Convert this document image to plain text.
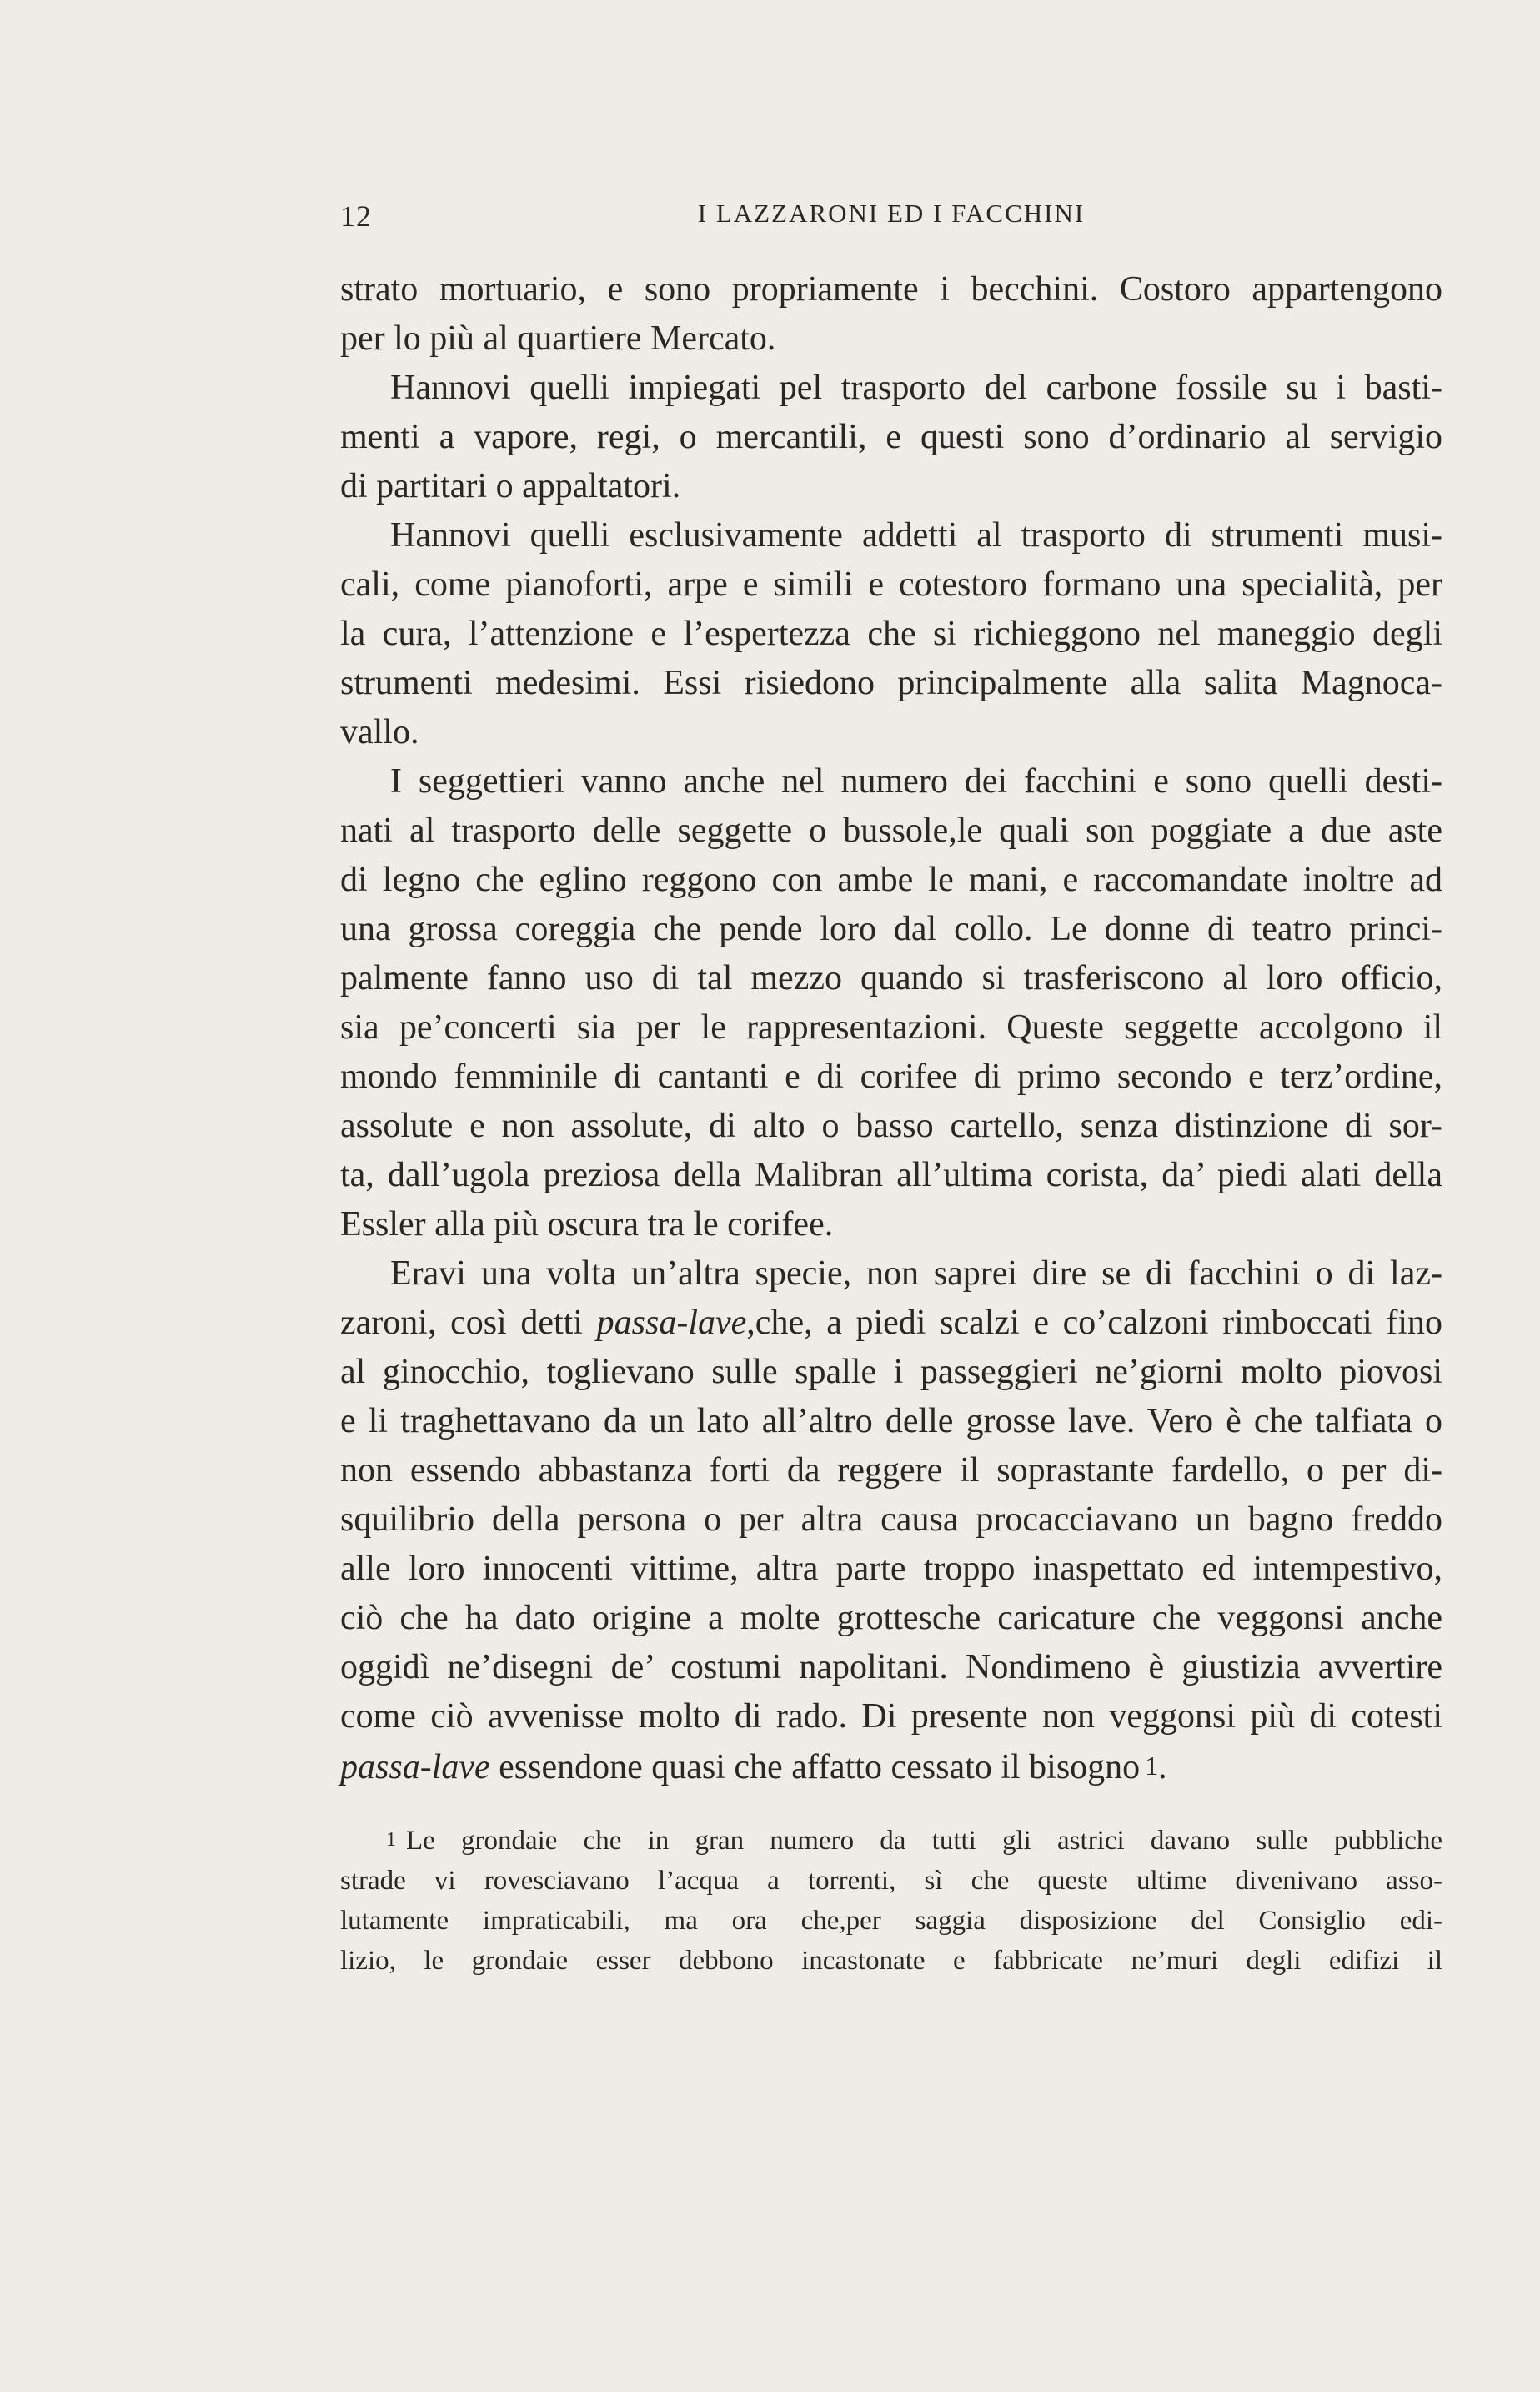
12	I LAZZARONI ED I FACCHINI

strato mortuario, e sono propriamente i becchini. Costoro appartengono
per lo più al quartiere Mercato.

Hannovi quelli impiegati pel trasporto del carbone fossile su i basti-
menti a vapore, regi, o mercantili, e questi sono d’ordinario al servigio
di partitari o appaltatori.

Hannovi quelli esclusivamente addetti al trasporto di strumenti musi-
cali, come pianoforti, arpe e simili e cotestoro formano una specialità, per
la cura, l’attenzione e l’espertezza che si richieggono nel maneggio degli
strumenti medesimi. Essi risiedono principalmente alla salita Magnoca-
vallo.

I seggettieri vanno anche nel numero dei facchini e sono quelli desti-
nati al trasporto delle seggette o bussole,le quali son poggiate a due aste
di legno che eglino reggono con ambe le mani, e raccomandate inoltre ad
una grossa coreggia che pende loro dal collo. Le donne di teatro princi-
palmente fanno uso di tal mezzo quando si trasferiscono al loro officio,
sia pe’concerti sia per le rappresentazioni. Queste seggette accolgono il
mondo femminile di cantanti e di corifee di primo secondo e terz’ordine,
assolute e non assolute, di alto o basso cartello, senza distinzione di sor-
ta, dall’ugola preziosa della Malibran all’ultima corista, da’ piedi alati della
Essler alla più oscura tra le corifee.

Eravi una volta un’altra specie, non saprei dire se di facchini o di laz-
zaroni, così detti passa-lave,che, a piedi scalzi e co’calzoni rimboccati fino
al ginocchio, toglievano sulle spalle i passeggieri ne’giorni molto piovosi
e li traghettavano da un lato all’altro delle grosse lave. Vero è che talfiata o
non essendo abbastanza forti da reggere il soprastante fardello, o per di-
squilibrio della persona o per altra causa procacciavano un bagno freddo
alle loro innocenti vittime, altra parte troppo inaspettato ed intempestivo,
ciò che ha dato origine a molte grottesche caricature che veggonsi anche
oggidì ne’disegni de’ costumi napolitani. Nondimeno è giustizia avvertire
come ciò avvenisse molto di rado. Di presente non veggonsi più di cotesti
passa-lave essendone quasi che affatto cessato il bisogno 1.

1 Le grondaie che in gran numero da tutti gli astrici davano sulle pubbliche
strade vi rovesciavano l’acqua a torrenti, sì che queste ultime divenivano asso-
lutamente impraticabili, ma ora che,per saggia disposizione del Consiglio edi-
lizio, le grondaie esser debbono incastonate e fabbricate ne’muri degli edifizi il
